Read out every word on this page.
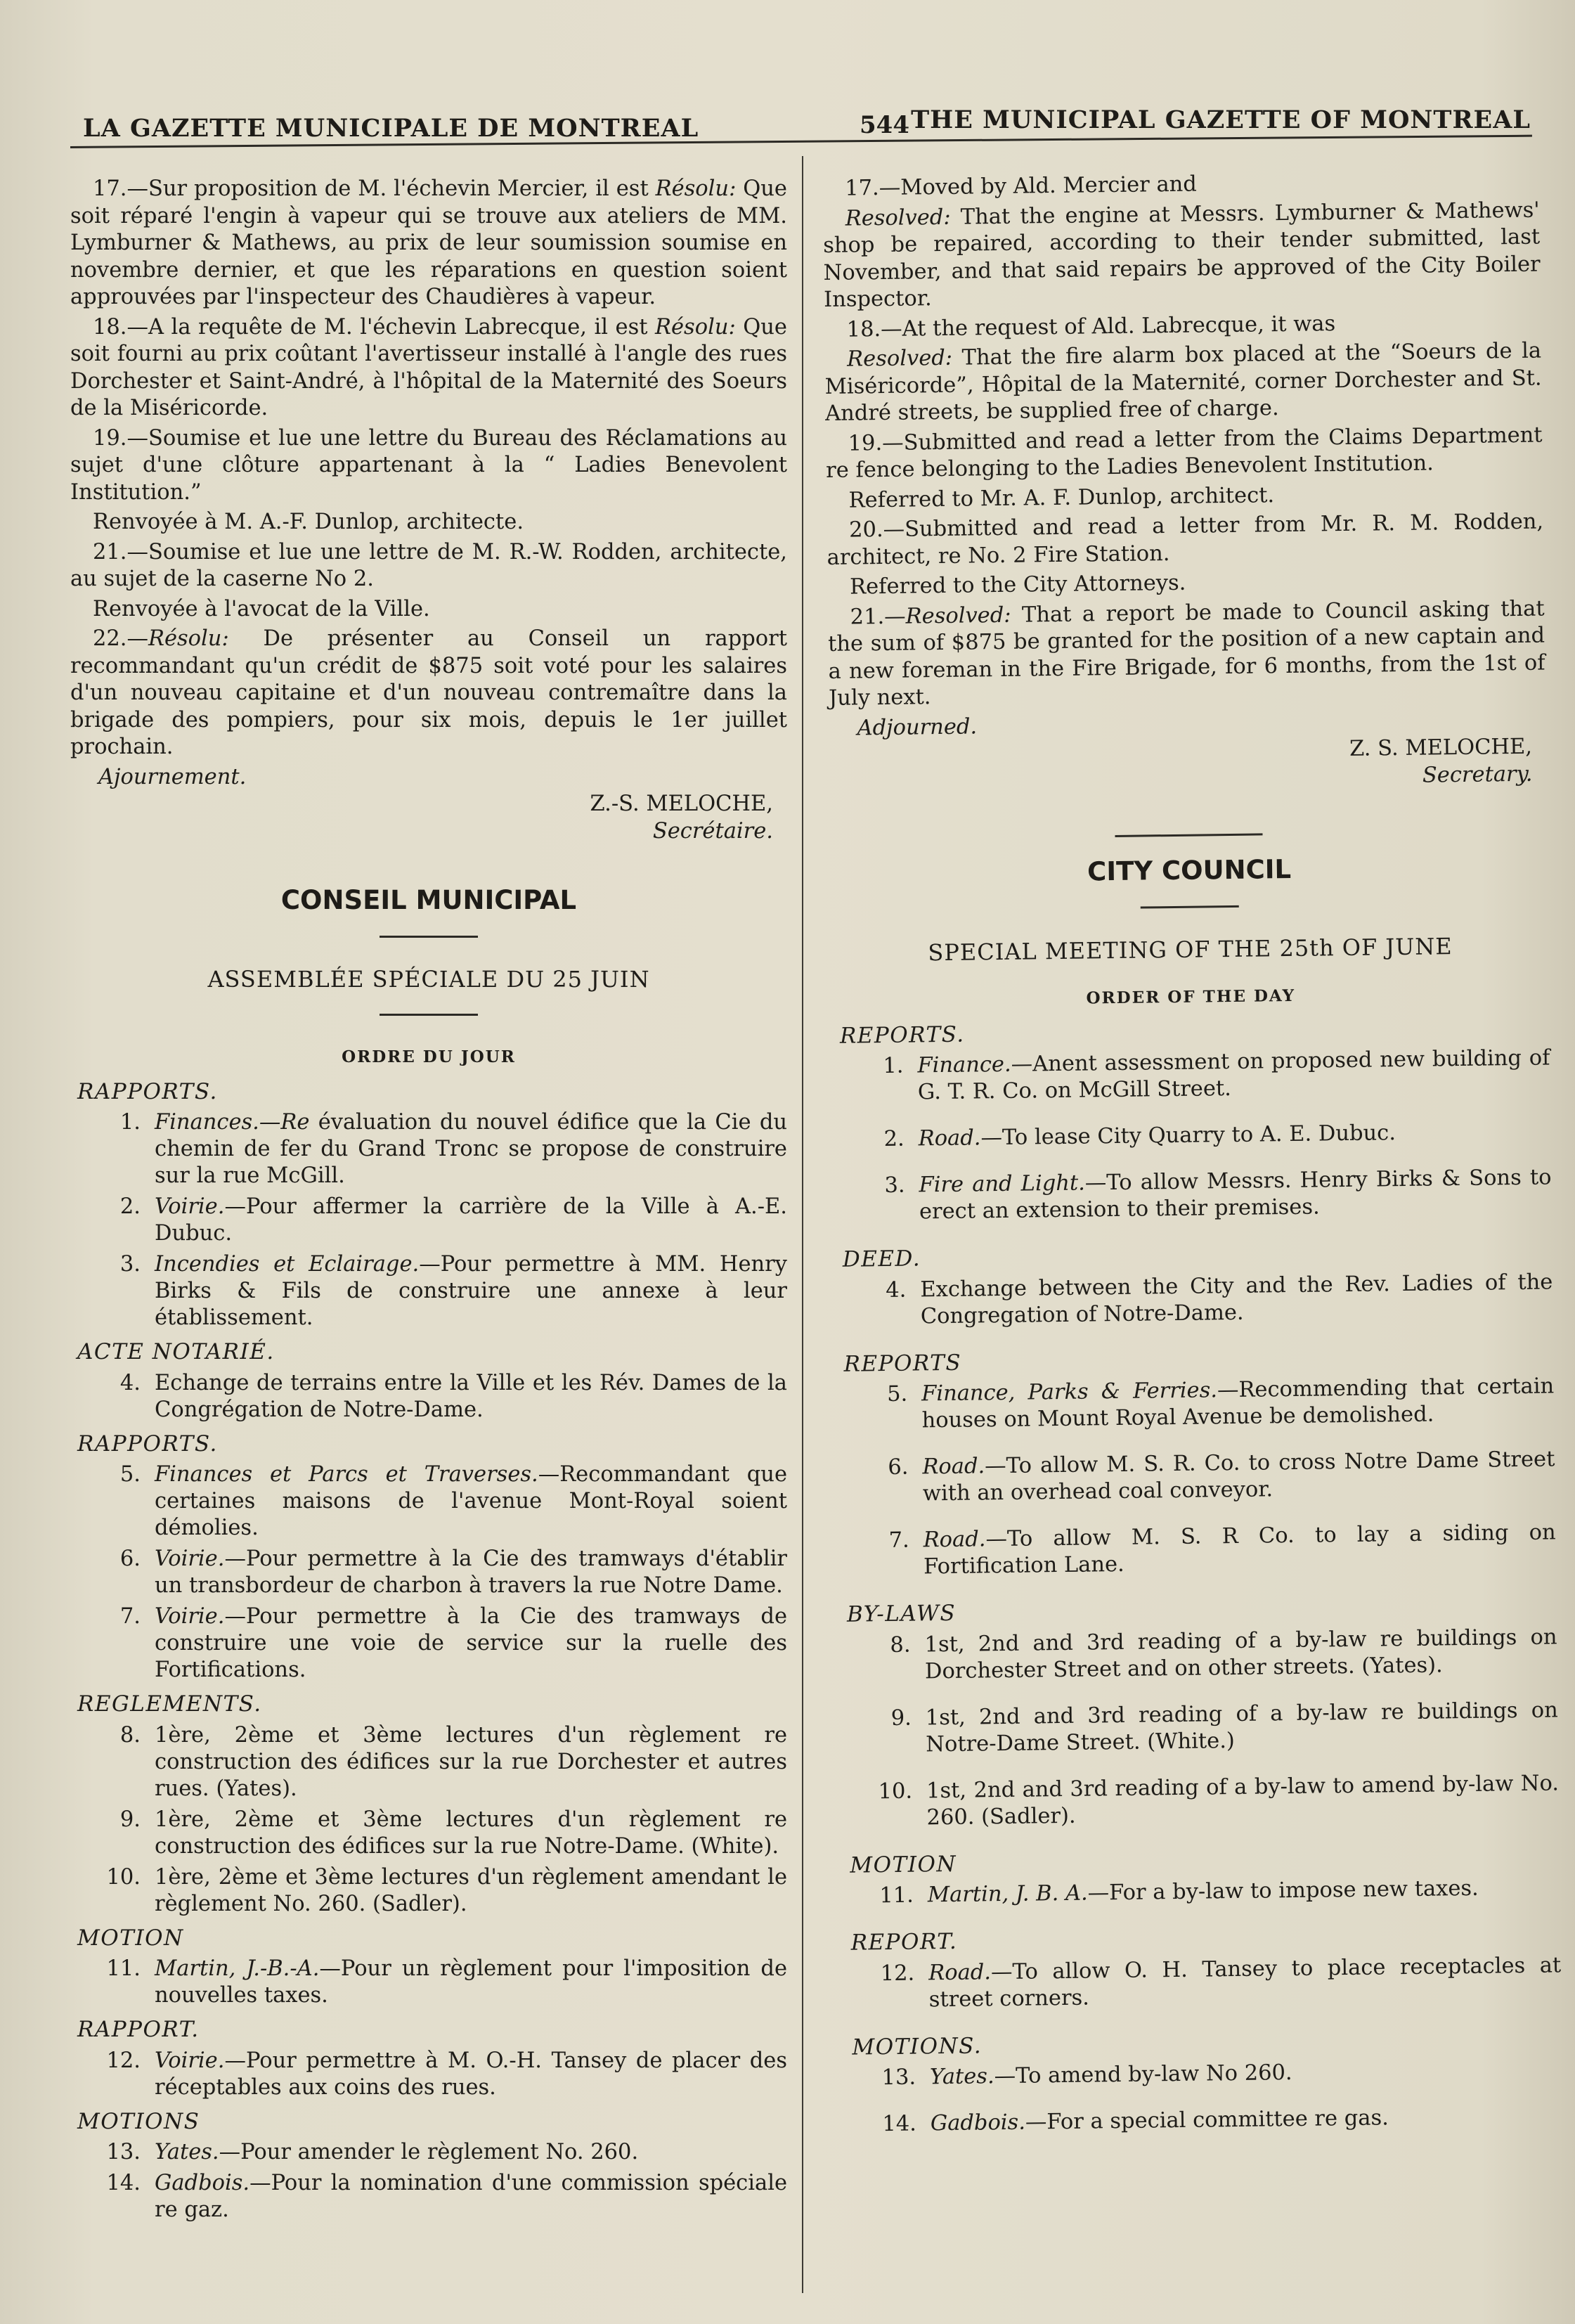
LA GAZETTE MUNICIPALE DE MONTREAL	544 THE MUNICIPAL GAZETTE OF MONTREAL

17.—Sur proposition de M. l'échevin Mercier, il est Résolu: Que soit réparé l'engin à vapeur qui se trouve aux ateliers de MM. Lymburner & Mathews, au prix de leur soumission soumise en novembre dernier, et que les réparations en question soient approuvées par l'inspecteur des Chaudières à vapeur.

18.—A la requête de M. l'échevin Labrecque, il est Résolu: Que soit fourni au prix coûtant l'avertisseur installé à l'angle des rues Dorchester et Saint-André, à l'hôpital de la Maternité des Soeurs de la Miséricorde.

19.—Soumise et lue une lettre du Bureau des Réclamations au sujet d'une clôture appartenant à la “ Ladies Benevolent Institution.”

Renvoyée à M. A.-F. Dunlop, architecte.

21.—Soumise et lue une lettre de M. R.-W. Rodden, architecte, au sujet de la caserne No 2.

Renvoyée à l'avocat de la Ville.

22.—Résolu: De présenter au Conseil un rapport recommandant qu'un crédit de $875 soit voté pour les salaires d'un nouveau capitaine et d'un nouveau contremaître dans la brigade des pompiers, pour six mois, depuis le 1er juillet prochain.

Ajournement.
Z.-S. MELOCHE,
Secrétaire.
CONSEIL MUNICIPAL
ASSEMBLÉE SPÉCIALE DU 25 JUIN
ORDRE DU JOUR
RAPPORTS.
1. Finances.—Re évaluation du nouvel édifice que la Cie du chemin de fer du Grand Tronc se propose de construire sur la rue McGill.
2. Voirie.—Pour affermer la carrière de la Ville à A.-E. Dubuc.
3. Incendies et Eclairage.—Pour permettre à MM. Henry Birks & Fils de construire une annexe à leur établissement.
ACTE NOTARIÉ.
4. Echange de terrains entre la Ville et les Rév. Dames de la Congrégation de Notre-Dame.
RAPPORTS.
5. Finances et Parcs et Traverses.—Recommandant que certaines maisons de l'avenue Mont-Royal soient démolies.
6. Voirie.—Pour permettre à la Cie des tramways d'établir un transbordeur de charbon à travers la rue Notre Dame.
7. Voirie.—Pour permettre à la Cie des tramways de construire une voie de service sur la ruelle des Fortifications.
REGLEMENTS.
8. 1ère, 2ème et 3ème lectures d'un règlement re construction des édifices sur la rue Dorchester et autres rues. (Yates).
9. 1ère, 2ème et 3ème lectures d'un règlement re construction des édifices sur la rue Notre-Dame. (White).
10. 1ère, 2ème et 3ème lectures d'un règlement amendant le règlement No. 260. (Sadler).
MOTION
11. Martin, J.-B.-A.—Pour un règlement pour l'imposition de nouvelles taxes.
RAPPORT.
12. Voirie.—Pour permettre à M. O.-H. Tansey de placer des réceptables aux coins des rues.
MOTIONS
13. Yates.—Pour amender le règlement No. 260.
14. Gadbois.—Pour la nomination d'une commission spéciale re gaz.

17.—Moved by Ald. Mercier and

Resolved: That the engine at Messrs. Lymburner & Mathews' shop be repaired, according to their tender submitted, last November, and that said repairs be approved of the City Boiler Inspector.

18.—At the request of Ald. Labrecque, it was

Resolved: That the fire alarm box placed at the “Soeurs de la Miséricorde”, Hôpital de la Maternité, corner Dorchester and St. André streets, be supplied free of charge.

19.—Submitted and read a letter from the Claims Department re fence belonging to the Ladies Benevolent Institution.

Referred to Mr. A. F. Dunlop, architect.

20.—Submitted and read a letter from Mr. R. M. Rodden, architect, re No. 2 Fire Station.

Referred to the City Attorneys.

21.—Resolved: That a report be made to Council asking that the sum of $875 be granted for the position of a new captain and a new foreman in the Fire Brigade, for 6 months, from the 1st of July next.

Adjourned.
Z. S. MELOCHE,
Secretary.
CITY COUNCIL
SPECIAL MEETING OF THE 25th OF JUNE
ORDER OF THE DAY
REPORTS.
1. Finance.—Anent assessment on proposed new building of G. T. R. Co. on McGill Street.
2. Road.—To lease City Quarry to A. E. Dubuc.
3. Fire and Light.—To allow Messrs. Henry Birks & Sons to erect an extension to their premises.
DEED.
4. Exchange between the City and the Rev. Ladies of the Congregation of Notre-Dame.
REPORTS
5. Finance, Parks & Ferries.—Recommending that certain houses on Mount Royal Avenue be demolished.
6. Road.—To allow M. S. R. Co. to cross Notre Dame Street with an overhead coal conveyor.
7. Road.—To allow M. S. R Co. to lay a siding on Fortification Lane.
BY-LAWS
8. 1st, 2nd and 3rd reading of a by-law re buildings on Dorchester Street and on other streets. (Yates).
9. 1st, 2nd and 3rd reading of a by-law re buildings on Notre-Dame Street. (White.)
10. 1st, 2nd and 3rd reading of a by-law to amend by-law No. 260. (Sadler).
MOTION
11. Martin, J. B. A.—For a by-law to impose new taxes.
REPORT.
12. Road.—To allow O. H. Tansey to place receptacles at street corners.
MOTIONS.
13. Yates.—To amend by-law No 260.
14. Gadbois.—For a special committee re gas.
